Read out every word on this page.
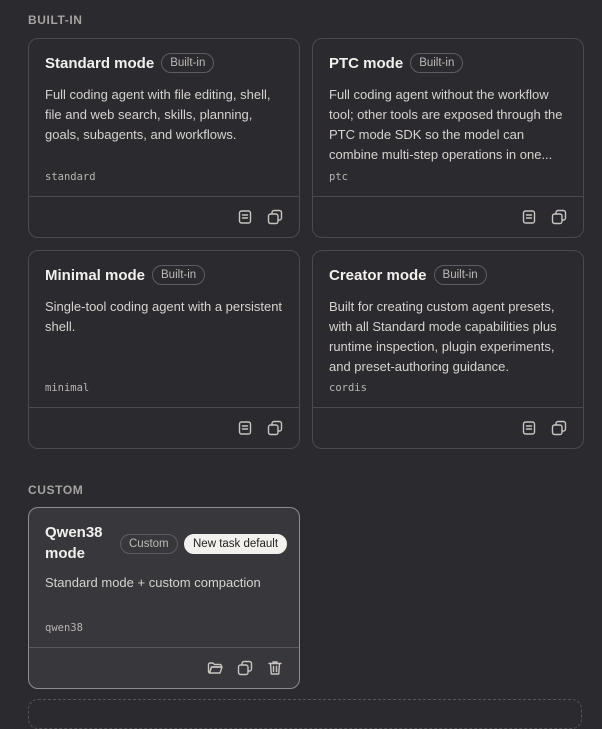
BUILT-IN
Standard mode	Built-in
Full coding agent with file editing, shell, file and web search, skills, planning, goals, subagents, and workflows.
standard
PTC mode	Built-in
Full coding agent without the workflow tool; other tools are exposed through the PTC mode SDK so the model can combine multi-step operations in one...
ptc
Minimal mode	Built-in
Single-tool coding agent with a persistent shell.
minimal
Creator mode	Built-in
Built for creating custom agent presets, with all Standard mode capabilities plus runtime inspection, plugin experiments, and preset-authoring guidance.
cordis
CUSTOM
Qwen38
mode
Custom	New task default
Standard mode + custom compaction
qwen38
